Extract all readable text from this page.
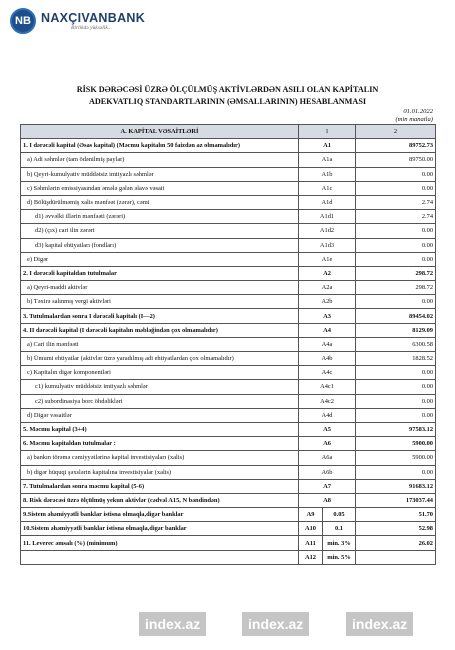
NB NAXÇIVANBANK
Birlikdə yüksəlik...
RİSK DƏRƏCƏSİ ÜZRƏ ÖLÇÜLMÜŞ AKTİVLƏRDƏN ASILI OLAN KAPİTALIN
ADEKVATLIQ STANDARTLARININ (ƏMSALLARININ) HESABLANMASI
01.01.2022
(min manatla)
A. KAPİTAL VƏSAİTLƏRİ	1		2
1. I dərəcəli kapital (Əsas kapital) (Məcmu kapitalın 50 faizdən az olmamalıdır)	A1		89752.73
a) Adi səhmlər (tam ödənilmiş paylar)	A1a		89750.00
b) Qeyri-kumulyativ müddətsiz imtiyazlı səhmlər	A1b		0.00
c) Səhmlərin emissiyasından əmələ gələn əlavə vəsait	A1c		0.00
d) Bölüşdürülməmiş xalis mənfəət (zərər), cəmi	A1d		2.74
d1) əvvəlki illərin mənfəəti (zərəri)	A1d1		2.74
d2) (çıx) cari ilin zərəri	A1d2		0.00
d3) kapital ehtiyatları (fondları)	A1d3		0.00
e) Digər	A1e		0.00
2. I dərəcəli kapitaldan tutulmalar	A2		298.72
a) Qeyri-maddi aktivlər	A2a		298.72
b) Təxirə salınmış vergi aktivləri	A2b		0.00
3. Tutulmalardan sonra I dərəcəli kapitalı (I—2)	A3		89454.02
4. II dərəcəli kapital (I dərəcəli kapitalın məbləğindən çox olmamalıdır)	A4		8129.09
a) Cari ilin mənfəəti	A4a		6300.58
b) Ümumi ehtiyatlar (aktivlər üzrə yaradılmış adi ehtiyatlardan çox olmamalıdır)	A4b		1828.52
c) Kapitalın digər komponentləri	A4c		0.00
c1) kumulyativ müddətsiz imtiyazlı səhmlər	A4c1		0.00
c2) subordinasiya borc öhdəlikləri	A4c2		0.00
d) Digər vəsaitlər	A4d		0.00
5. Məcmu kapital (3+4)	A5		97583.12
6. Məcmu kapitaldan tutulmalar :	A6		5900.00
a) bankın törəmə cəmiyyətlərinə kapital investisiyaları (xalis)	A6a		5900.00
b) digər hüquqi şəxslərin kapitalına investisiyalar (xalis)	A6b		0.00
7. Tutulmalardan sonra məcmu kapital (5-6)	A7		91683.12
8. Risk dərəcəsi üzrə ölçülmüş yekun aktivlər (cədvəl A15, N bəndindən)	A8		173037.44
9.Sistem əhəmiyyətli banklar istisna olmaqla,digər banklar	A9	0.05	51.70
10.Sistem əhəmiyyətli banklar istisna olmaqla,digər banklar	A10	0.1	52.98
11. Leverec əmsalı (%) (minimum)	A11	min. 3%	26.02
	A12	min. 5%	
index.az	index.az	index.az
